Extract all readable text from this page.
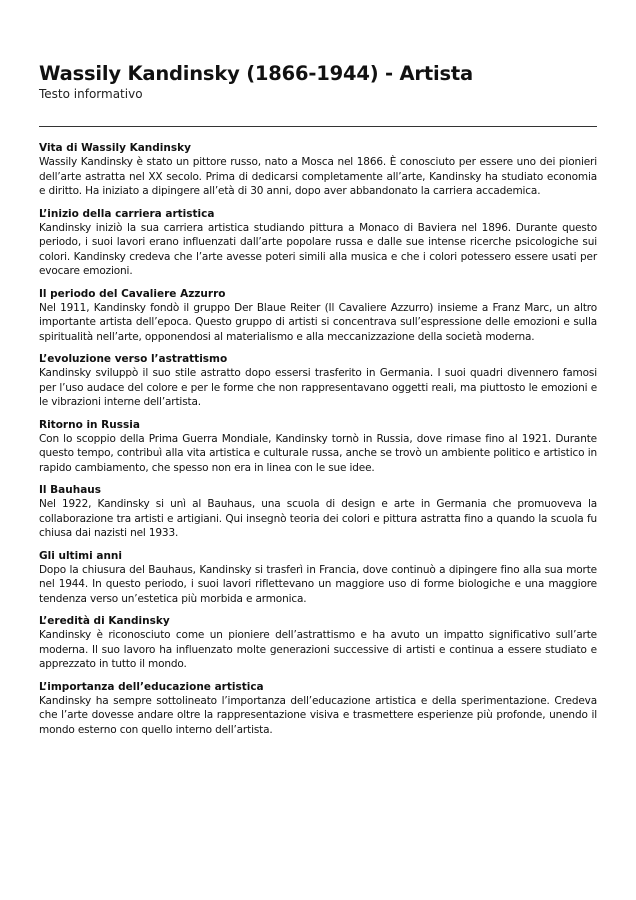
Wassily Kandinsky (1866-1944) - Artista
Testo informativo
Vita di Wassily Kandinsky

Wassily Kandinsky è stato un pittore russo, nato a Mosca nel 1866. È conosciuto per essere uno dei pionieri dell’arte astratta nel XX secolo. Prima di dedicarsi completamente all’arte, Kandinsky ha studiato economia e diritto. Ha iniziato a dipingere all’età di 30 anni, dopo aver abbandonato la carriera accademica.

L’inizio della carriera artistica

Kandinsky iniziò la sua carriera artistica studiando pittura a Monaco di Baviera nel 1896. Durante questo periodo, i suoi lavori erano influenzati dall’arte popolare russa e dalle sue intense ricerche psicologiche sui colori. Kandinsky credeva che l’arte avesse poteri simili alla musica e che i colori potessero essere usati per evocare emozioni.

Il periodo del Cavaliere Azzurro

Nel 1911, Kandinsky fondò il gruppo Der Blaue Reiter (Il Cavaliere Azzurro) insieme a Franz Marc, un altro importante artista dell’epoca. Questo gruppo di artisti si concentrava sull’espressione delle emozioni e sulla spiritualità nell’arte, opponendosi al materialismo e alla meccanizzazione della società moderna.

L’evoluzione verso l’astrattismo

Kandinsky sviluppò il suo stile astratto dopo essersi trasferito in Germania. I suoi quadri divennero famosi per l’uso audace del colore e per le forme che non rappresentavano oggetti reali, ma piuttosto le emozioni e le vibrazioni interne dell’artista.

Ritorno in Russia

Con lo scoppio della Prima Guerra Mondiale, Kandinsky tornò in Russia, dove rimase fino al 1921. Durante questo tempo, contribuì alla vita artistica e culturale russa, anche se trovò un ambiente politico e artistico in rapido cambiamento, che spesso non era in linea con le sue idee.

Il Bauhaus

Nel 1922, Kandinsky si unì al Bauhaus, una scuola di design e arte in Germania che promuoveva la collaborazione tra artisti e artigiani. Qui insegnò teoria dei colori e pittura astratta fino a quando la scuola fu chiusa dai nazisti nel 1933.

Gli ultimi anni

Dopo la chiusura del Bauhaus, Kandinsky si trasferì in Francia, dove continuò a dipingere fino alla sua morte nel 1944. In questo periodo, i suoi lavori riflettevano un maggiore uso di forme biologiche e una maggiore tendenza verso un’estetica più morbida e armonica.

L’eredità di Kandinsky

Kandinsky è riconosciuto come un pioniere dell’astrattismo e ha avuto un impatto significativo sull’arte moderna. Il suo lavoro ha influenzato molte generazioni successive di artisti e continua a essere studiato e apprezzato in tutto il mondo.

L’importanza dell’educazione artistica

Kandinsky ha sempre sottolineato l’importanza dell’educazione artistica e della sperimentazione. Credeva che l’arte dovesse andare oltre la rappresentazione visiva e trasmettere esperienze più profonde, unendo il mondo esterno con quello interno dell’artista.
